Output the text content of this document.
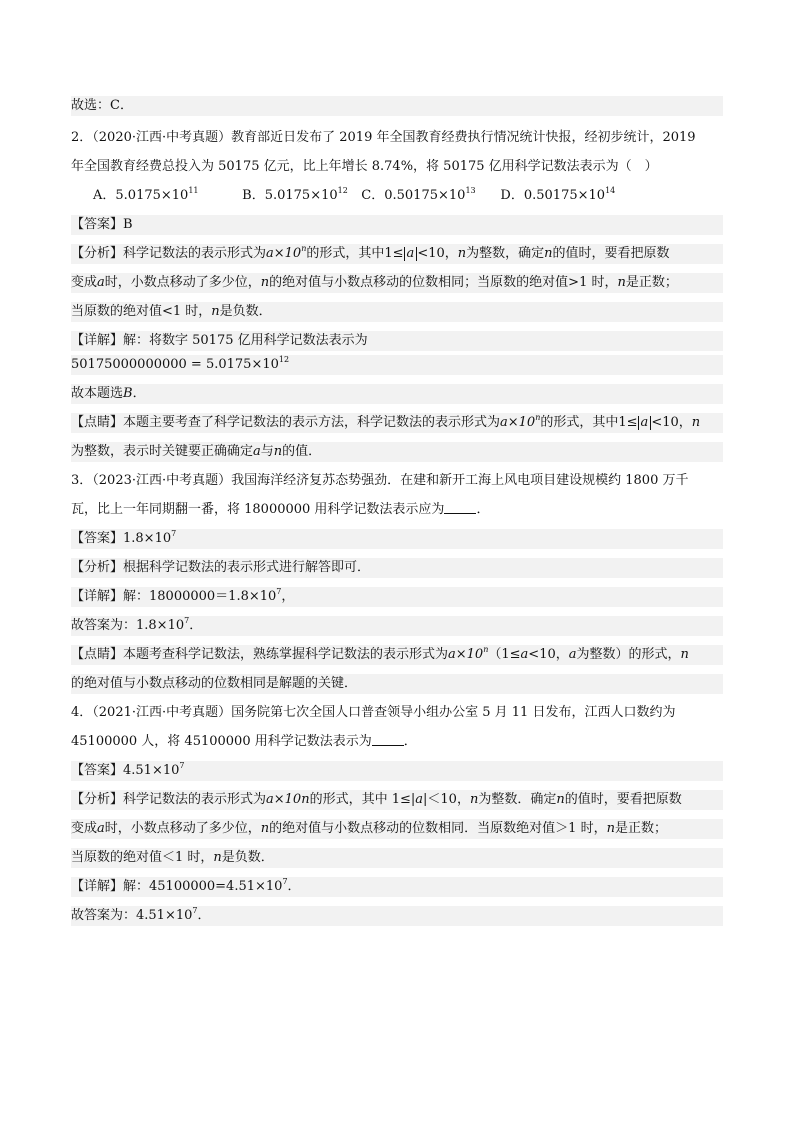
故选：C．
2．（2020·江西·中考真题）教育部近日发布了 2019 年全国教育经费执行情况统计快报，经初步统计，2019
年全国教育经费总投入为 50175 亿元，比上年增长 8.74%，将 50175 亿用科学记数法表示为（　）
A．$5.0175\times 10^{11}$	B．$5.0175\times 10^{12}$ C．$0.50175\times 10^{13}$ D．$0.50175\times 10^{14}$
【答案】B
【分析】科学记数法的表示形式为$a\times 10^n$的形式，其中1≤ a <10，n为整数，确定n的值时，要看把原数
变成a时，小数点移动了多少位，n的绝对值与小数点移动的位数相同；当原数的绝对值>1 时，n是正数；
当原数的绝对值<1 时，n是负数．
【详解】解：将数字 50175 亿用科学记数法表示为
$50175000000000 = 5.0175\times 10^{12}$
故本题选B．
【点睛】本题主要考查了科学记数法的表示方法，科学记数法的表示形式为$a\times 10^n$的形式，其中1≤ a <10，n
为整数，表示时关键要正确确定a与n的值．
3．（2023·江西·中考真题）我国海洋经济复苏态势强劲．在建和新开工海上风电项目建设规模约 1800 万千
瓦，比上一年同期翻一番，将 18000000 用科学记数法表示应为 ．
【答案】$1.8\times 10^7$
【分析】根据科学记数法的表示形式进行解答即可．
【详解】解：$18000000=1.8\times 10^7$，
故答案为：$1.8\times 10^7$．
【点睛】本题考查科学记数法，熟练掌握科学记数法的表示形式为$a\times 10^n(1\le a<10$，a为整数）的形式，n
的绝对值与小数点移动的位数相同是解题的关键．
4．（2021·江西·中考真题）国务院第七次全国人口普查领导小组办公室 5 月 11 日发布，江西人口数约为
45100000 人，将 45100000 用科学记数法表示为 ．
【答案】$4.51\times 10^7$
【分析】科学记数法的表示形式为a×10n的形式，其中 1≤|a|＜10，n为整数．确定n的值时，要看把原数
变成a时，小数点移动了多少位，n的绝对值与小数点移动的位数相同．当原数绝对值＞1 时，n是正数；
当原数的绝对值＜1 时，n是负数．
【详解】解：$45100000=4.51\times 10^7$．
故答案为：$4.51\times 10^7$．
